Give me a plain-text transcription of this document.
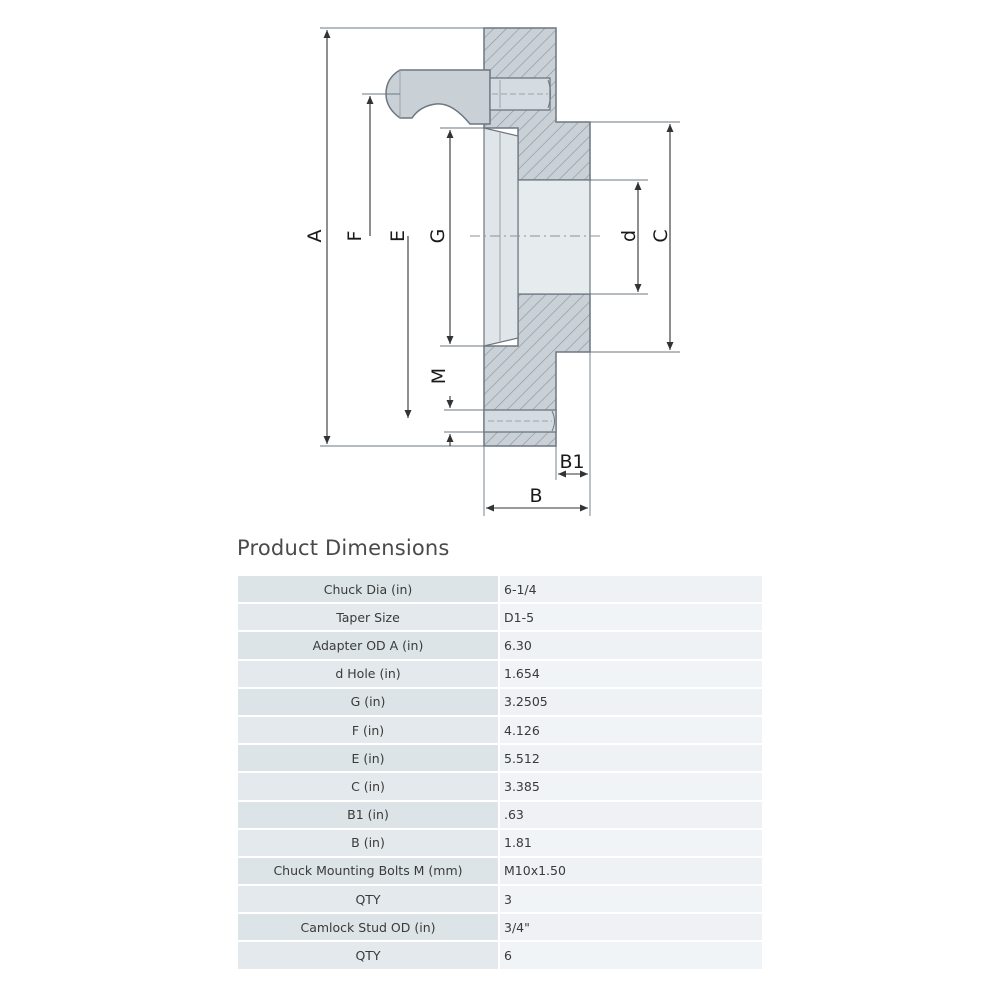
A F E G	d C
M
B1
B
Product Dimensions
Chuck Dia (in)	6-1/4
Taper Size	D1-5
Adapter OD A (in)	6.30
d Hole (in)	1.654
G (in)	3.2505
F (in)	4.126
E (in)	5.512
C (in)	3.385
B1 (in)	.63
B (in)	1.81
Chuck Mounting Bolts M (mm)	M10x1.50
QTY	3
Camlock Stud OD (in)	3/4"
QTY	6
